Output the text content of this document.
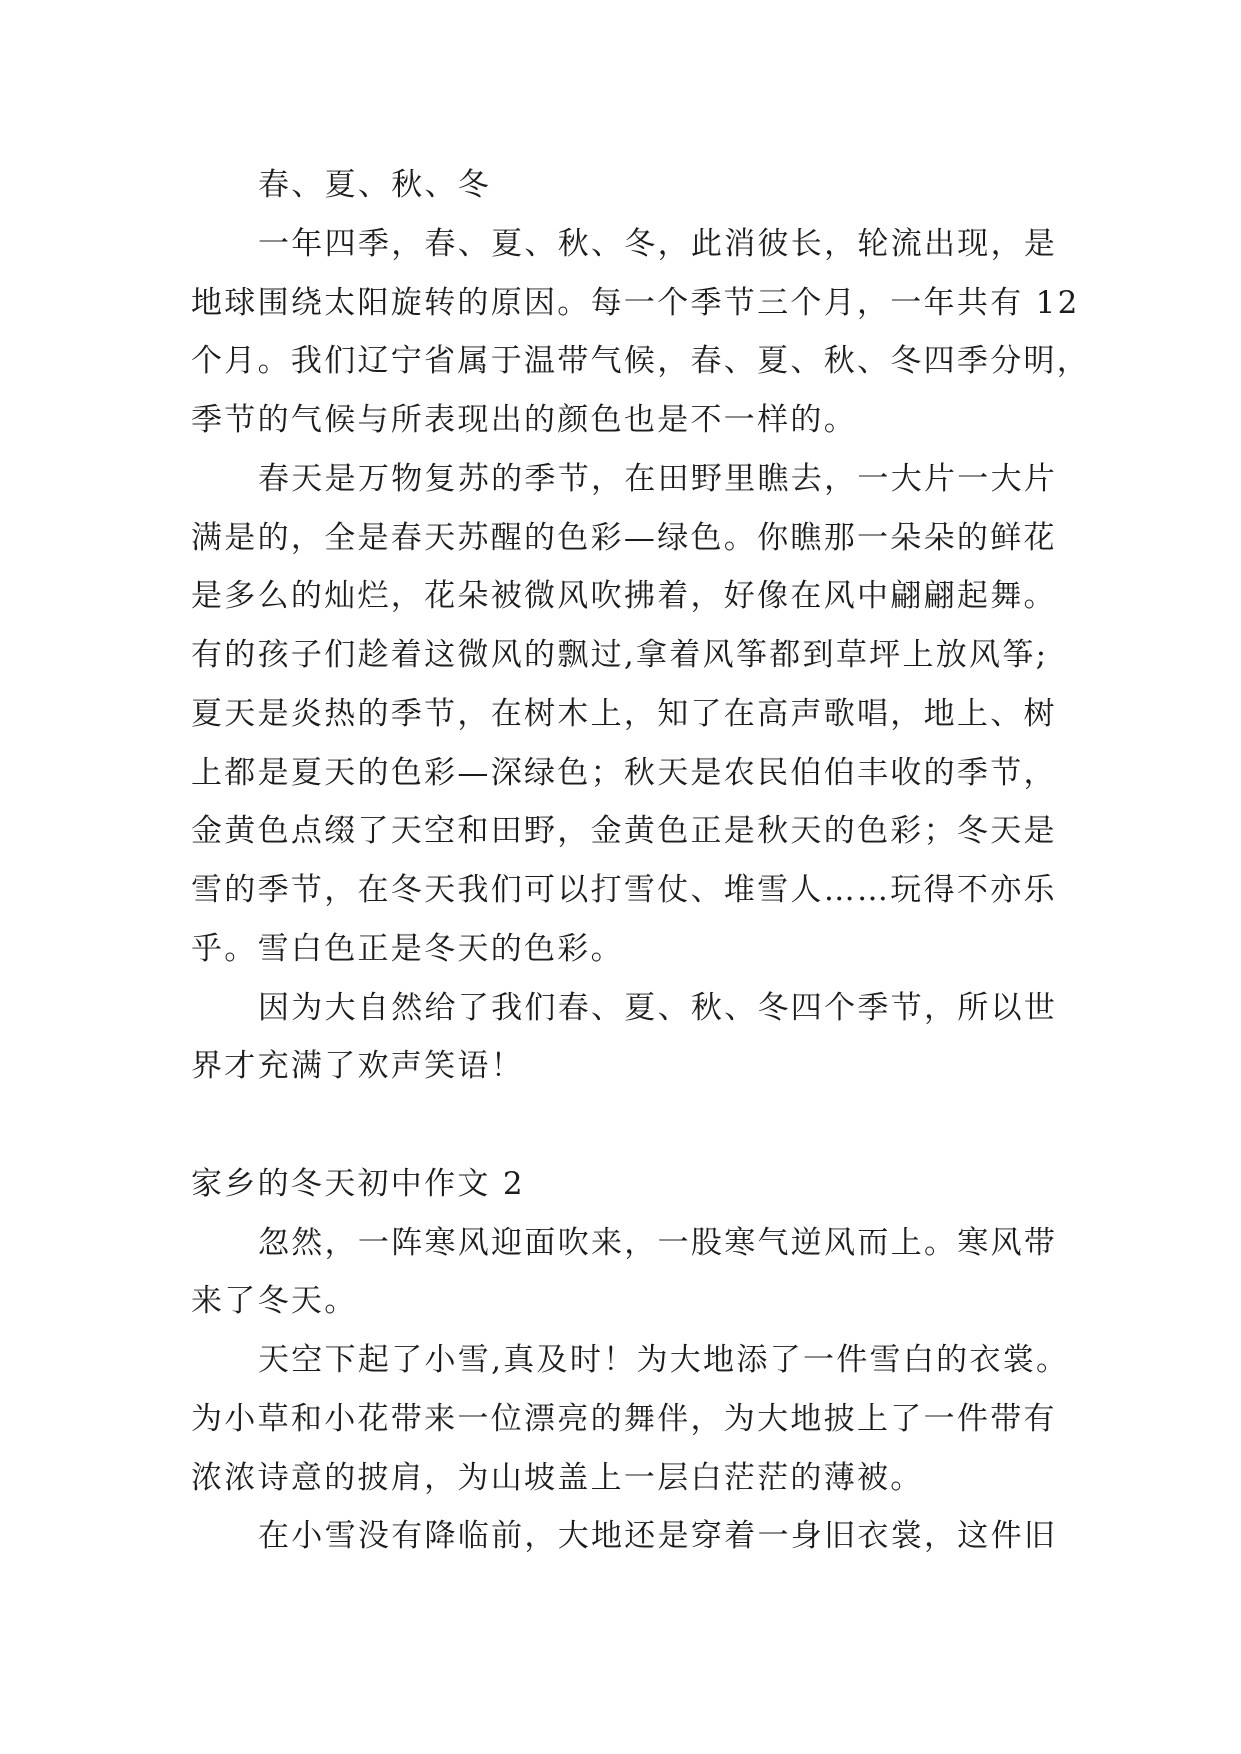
春、夏、秋、冬
一年四季，春、夏、秋、冬，此消彼长，轮流出现，是
地球围绕太阳旋转的原因。每一个季节三个月，一年共有 12
个月。我们辽宁省属于温带气候，春、夏、秋、冬四季分明，
季节的气候与所表现出的颜色也是不一样的。
春天是万物复苏的季节，在田野里瞧去，一大片一大片
满是的，全是春天苏醒的色彩—绿色。你瞧那一朵朵的鲜花
是多么的灿烂，花朵被微风吹拂着，好像在风中翩翩起舞。
有的孩子们趁着这微风的飘过,拿着风筝都到草坪上放风筝;
夏天是炎热的季节，在树木上，知了在高声歌唱，地上、树
上都是夏天的色彩—深绿色；秋天是农民伯伯丰收的季节，
金黄色点缀了天空和田野，金黄色正是秋天的色彩；冬天是
雪的季节，在冬天我们可以打雪仗、堆雪人……玩得不亦乐
乎。雪白色正是冬天的色彩。
因为大自然给了我们春、夏、秋、冬四个季节，所以世
界才充满了欢声笑语！
家乡的冬天初中作文 2
忽然，一阵寒风迎面吹来，一股寒气逆风而上。寒风带
来了冬天。
天空下起了小雪,真及时！为大地添了一件雪白的衣裳。
为小草和小花带来一位漂亮的舞伴，为大地披上了一件带有
浓浓诗意的披肩，为山坡盖上一层白茫茫的薄被。
在小雪没有降临前，大地还是穿着一身旧衣裳，这件旧
